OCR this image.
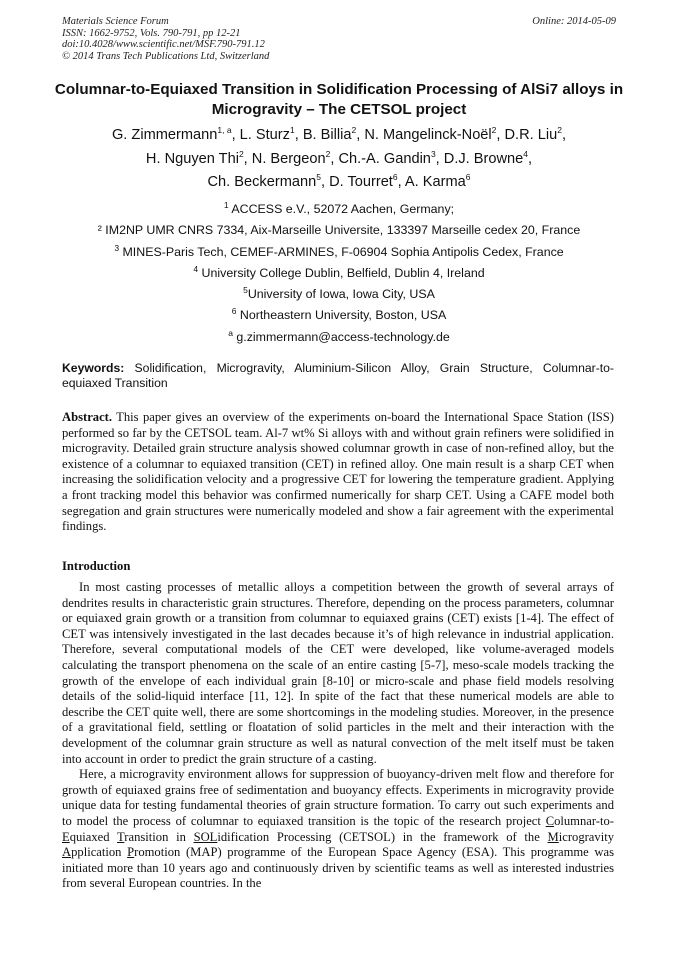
Materials Science Forum
ISSN: 1662-9752, Vols. 790-791, pp 12-21
doi:10.4028/www.scientific.net/MSF.790-791.12
© 2014 Trans Tech Publications Ltd, Switzerland
Online: 2014-05-09
Columnar-to-Equiaxed Transition in Solidification Processing of AlSi7 alloys in Microgravity – The CETSOL project
G. Zimmermann$^{1, a}$, L. Sturz$^1$, B. Billia$^2$, N. Mangelinck-Noël$^2$, D.R. Liu$^2$,
H. Nguyen Thi$^2$, N. Bergeon$^2$, Ch.-A. Gandin$^3$, D.J. Browne$^4$,
Ch. Beckermann$^5$, D. Tourret$^6$, A. Karma$^6$
$^1$ ACCESS e.V., 52072 Aachen, Germany;
² IM2NP UMR CNRS 7334, Aix-Marseille Universite, 133397 Marseille cedex 20, France
$^3$ MINES-Paris Tech, CEMEF-ARMINES, F-06904 Sophia Antipolis Cedex, France
$^4$ University College Dublin, Belfield, Dublin 4, Ireland
$^5$University of Iowa, Iowa City, USA
$^6$ Northeastern University, Boston, USA
$^a$ g.zimmermann@access-technology.de
Keywords: Solidification, Microgravity, Aluminium-Silicon Alloy, Grain Structure, Columnar-to-equiaxed Transition
Abstract. This paper gives an overview of the experiments on-board the International Space Station (ISS) performed so far by the CETSOL team. Al-7 wt% Si alloys with and without grain refiners were solidified in microgravity. Detailed grain structure analysis showed columnar growth in case of non-refined alloy, but the existence of a columnar to equiaxed transition (CET) in refined alloy. One main result is a sharp CET when increasing the solidification velocity and a progressive CET for lowering the temperature gradient. Applying a front tracking model this behavior was confirmed numerically for sharp CET. Using a CAFE model both segregation and grain structures were numerically modeled and show a fair agreement with the experimental findings.
Introduction

In most casting processes of metallic alloys a competition between the growth of several arrays of dendrites results in characteristic grain structures. Therefore, depending on the process parameters, columnar or equiaxed grain growth or a transition from columnar to equiaxed grains (CET) exists [1-4]. The effect of CET was intensively investigated in the last decades because it’s of high relevance in industrial application. Therefore, several computational models of the CET were developed, like volume-averaged models calculating the transport phenomena on the scale of an entire casting [5-7], meso-scale models tracking the growth of the envelope of each individual grain [8-10] or micro-scale and phase field models resolving details of the solid-liquid interface [11, 12]. In spite of the fact that these numerical models are able to describe the CET quite well, there are some shortcomings in the modeling studies. Moreover, in the presence of a gravitational field, settling or floatation of solid particles in the melt and their interaction with the development of the columnar grain structure as well as natural convection of the melt itself must be taken into account in order to predict the grain structure of a casting.

Here, a microgravity environment allows for suppression of buoyancy-driven melt flow and therefore for growth of equiaxed grains free of sedimentation and buoyancy effects. Experiments in microgravity provide unique data for testing fundamental theories of grain structure formation. To carry out such experiments and to model the process of columnar to equiaxed transition is the topic of the research project Columnar-to-Equiaxed Transition in SOLidification Processing (CETSOL) in the framework of the Microgravity Application Promotion (MAP) programme of the European Space Agency (ESA). This programme was initiated more than 10 years ago and continuously driven by scientific teams as well as interested industries from several European countries. In the
